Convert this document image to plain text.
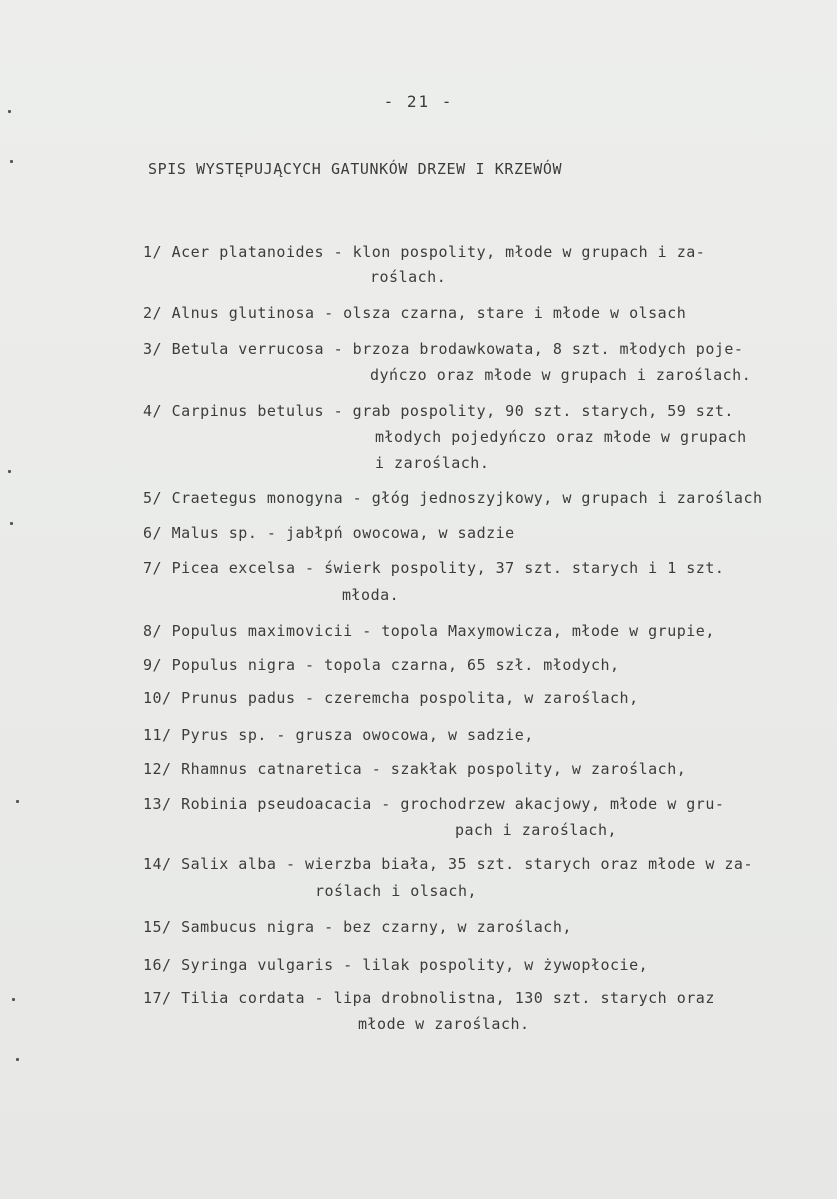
- 21 -
SPIS WYSTĘPUJĄCYCH GATUNKÓW DRZEW I KRZEWÓW
1/ Acer platanoides - klon pospolity, młode w grupach i za-
roślach.
2/ Alnus glutinosa - olsza czarna, stare i młode w olsach
3/ Betula verrucosa - brzoza brodawkowata, 8 szt. młodych poje-
dyńczo oraz młode w grupach i zaroślach.
4/ Carpinus betulus - grab pospolity, 90 szt. starych, 59 szt.
młodych pojedyńczo oraz młode w grupach
i zaroślach.
5/ Craetegus monogyna - głóg jednoszyjkowy, w grupach i zaroślach
6/ Malus sp. - jabłpń owocowa, w sadzie
7/ Picea excelsa - świerk pospolity, 37 szt. starych i 1 szt.
młoda.
8/ Populus maximovicii - topola Maxymowicza, młode w grupie,
9/ Populus nigra - topola czarna, 65 szł. młodych,
10/ Prunus padus - czeremcha pospolita, w zaroślach,
11/ Pyrus sp. - grusza owocowa, w sadzie,
12/ Rhamnus catnaretica - szakłak pospolity, w zaroślach,
13/ Robinia pseudoacacia - grochodrzew akacjowy, młode w gru-
pach i zaroślach,
14/ Salix alba - wierzba biała, 35 szt. starych oraz młode w za-
roślach i olsach,
15/ Sambucus nigra - bez czarny, w zaroślach,
16/ Syringa vulgaris - lilak pospolity, w żywopłocie,
17/ Tilia cordata - lipa drobnolistna, 130 szt. starych oraz
młode w zaroślach.
